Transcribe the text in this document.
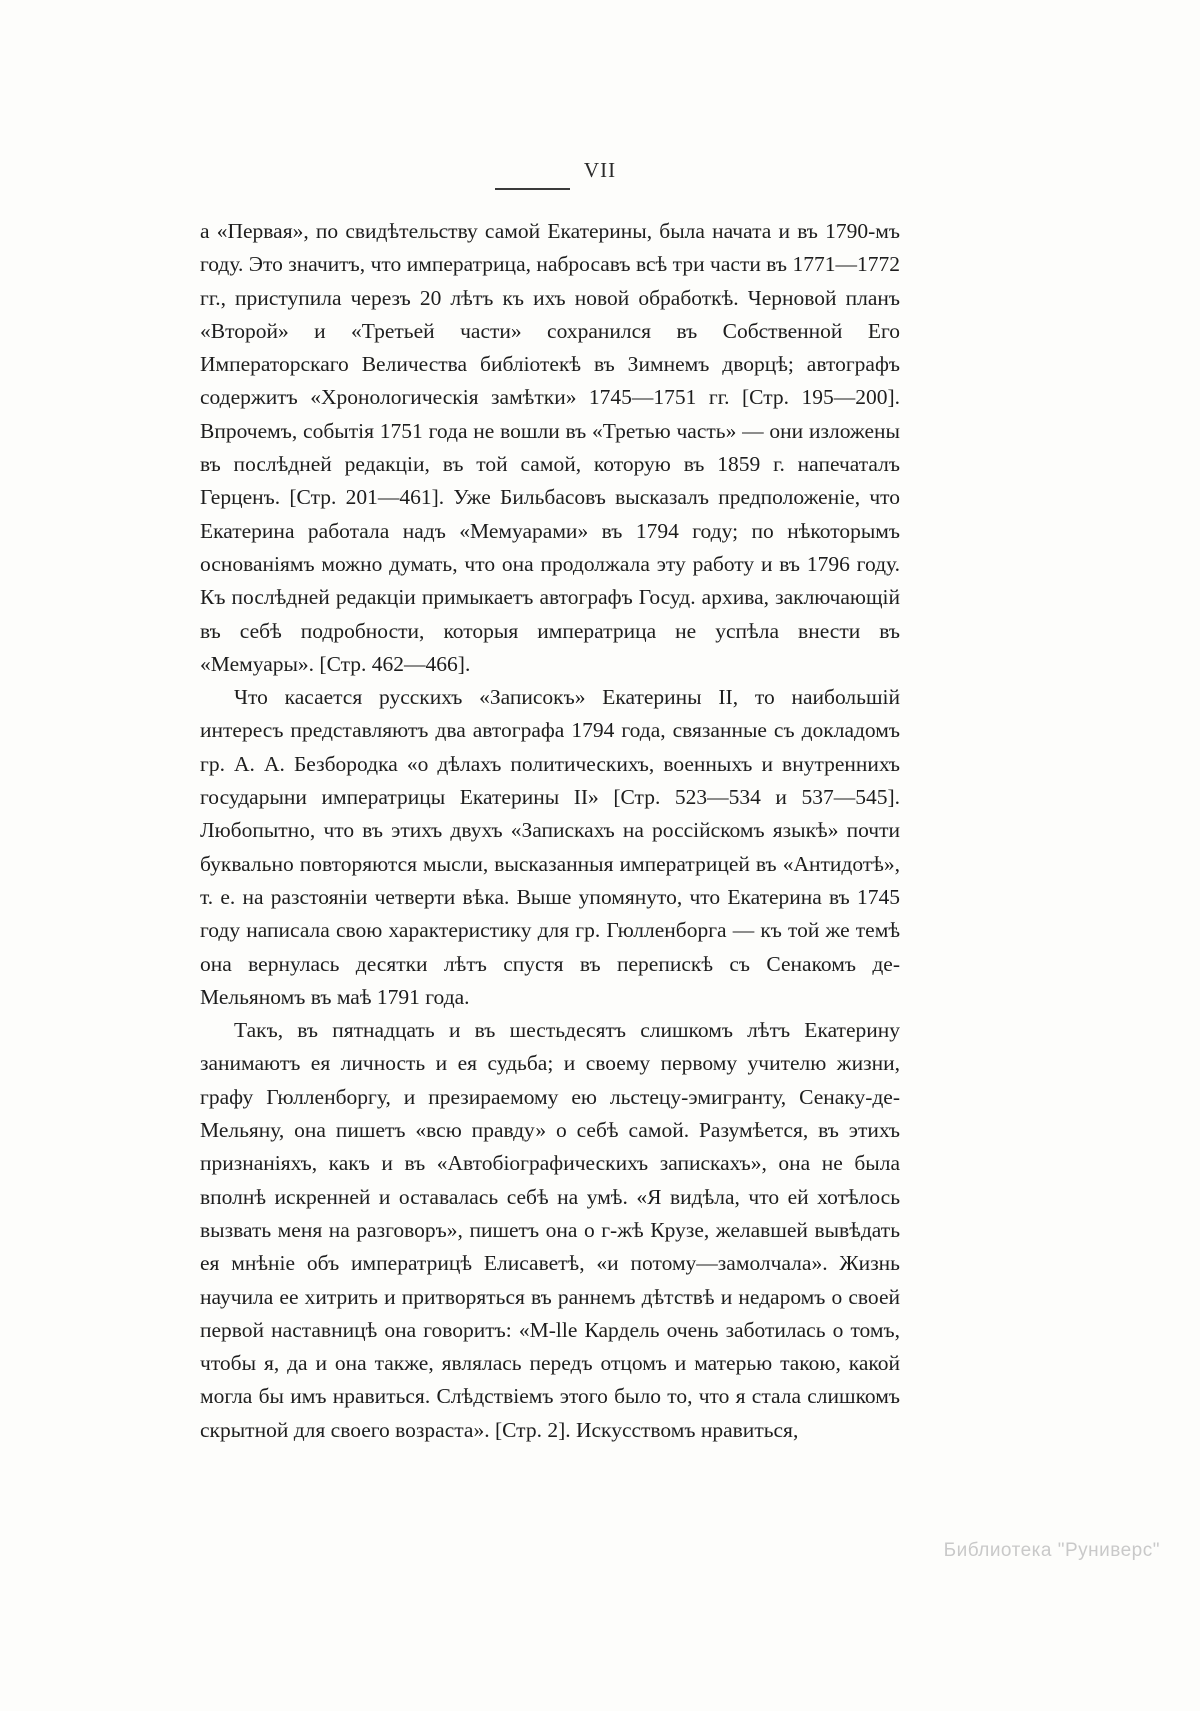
VII

а «Первая», по свидѣтельству самой Екатерины, была начата и въ 1790-мъ году. Это значитъ, что императрица, набросавъ всѣ три части въ 1771—1772 гг., приступила черезъ 20 лѣтъ къ ихъ новой обработкѣ. Черновой планъ «Второй» и «Третьей части» сохранился въ Собственной Его Императорскаго Величества библіотекѣ въ Зимнемъ дворцѣ; автографъ содержитъ «Хронологическія замѣтки» 1745—1751 гг. [Стр. 195—200]. Впрочемъ, событія 1751 года не вошли въ «Третью часть» — они изложены въ послѣдней редакціи, въ той самой, которую въ 1859 г. напечаталъ Герценъ. [Стр. 201—461]. Уже Бильбасовъ высказалъ предположеніе, что Екатерина работала надъ «Мемуарами» въ 1794 году; по нѣкоторымъ основаніямъ можно думать, что она продолжала эту работу и въ 1796 году. Къ послѣдней редакціи примыкаетъ автографъ Госуд. архива, заключающій въ себѣ подробности, которыя императрица не успѣла внести въ «Мемуары». [Стр. 462—466].

Что касается русскихъ «Записокъ» Екатерины II, то наибольшій интересъ представляютъ два автографа 1794 года, связанные съ докладомъ гр. А. А. Безбородка «о дѣлахъ политическихъ, военныхъ и внутреннихъ государыни императрицы Екатерины II» [Стр. 523—534 и 537—545]. Любопытно, что въ этихъ двухъ «Запискахъ на россійскомъ языкѣ» почти буквально повторяются мысли, высказанныя императрицей въ «Антидотѣ», т. е. на разстояніи четверти вѣка. Выше упомянуто, что Екатерина въ 1745 году написала свою характеристику для гр. Гюлленборга — къ той же темѣ она вернулась десятки лѣтъ спустя въ перепискѣ съ Сенакомъ де-Мельяномъ въ маѣ 1791 года.

Такъ, въ пятнадцать и въ шестьдесятъ слишкомъ лѣтъ Екатерину занимаютъ ея личность и ея судьба; и своему первому учителю жизни, графу Гюлленборгу, и презираемому ею льстецу-эмигранту, Сенаку-де-Мельяну, она пишетъ «всю правду» о себѣ самой. Разумѣется, въ этихъ признаніяхъ, какъ и въ «Автобіографическихъ запискахъ», она не была вполнѣ искренней и оставалась себѣ на умѣ. «Я видѣла, что ей хотѣлось вызвать меня на разговоръ», пишетъ она о г-жѣ Крузе, желавшей вывѣдать ея мнѣніе объ императрицѣ Елисаветѣ, «и потому—замолчала». Жизнь научила ее хитрить и притворяться въ раннемъ дѣтствѣ и недаромъ о своей первой наставницѣ она говоритъ: «M-lle Кардель очень заботилась о томъ, чтобы я, да и она также, являлась передъ отцомъ и матерью такою, какой могла бы имъ нравиться. Слѣдствіемъ этого было то, что я стала слишкомъ скрытной для своего возраста». [Стр. 2]. Искусствомъ нравиться,

Библиотека "Руниверс"
